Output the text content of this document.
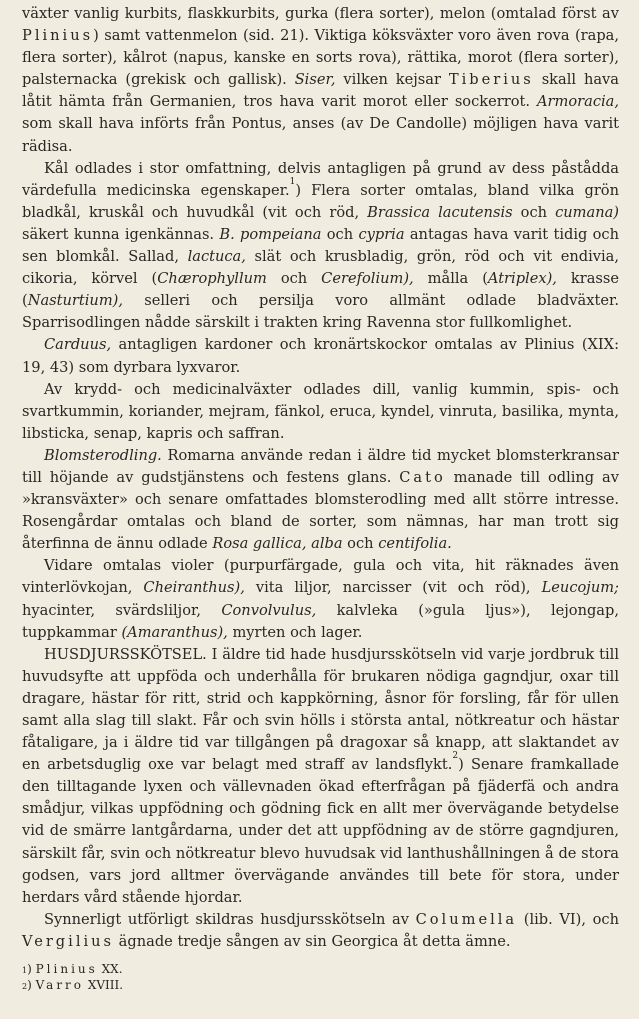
växter vanlig kurbits, flaskkurbits, gurka (flera sorter), melon (omtalad först av Plinius) samt vattenmelon (sid. 21). Viktiga köksväxter voro även rova (rapa, flera sorter), kålrot (napus, kanske en sorts rova), rättika, morot (flera sorter), palsternacka (grekisk och gallisk). Siser, vilken kejsar Tiberius skall hava låtit hämta från Germanien, tros hava varit morot eller sockerrot. Armoracia, som skall hava införts från Pontus, anses (av De Candolle) möjligen hava varit rädisa.

Kål odlades i stor omfattning, delvis antagligen på grund av dess påstådda värdefulla medicinska egenskaper.$^1$) Flera sorter omtalas, bland vilka grön bladkål, kruskål och huvudkål (vit och röd, Brassica lacutensis och cumana) säkert kunna igenkännas. B. pompeiana och cypria antagas hava varit tidig och sen blomkål. Sallad, lactuca, slät och krusbladig, grön, röd och vit endivia, cikoria, körvel (Chærophyllum och Cerefolium), målla (Atriplex), krasse (Nasturtium), selleri och persilja voro allmänt odlade bladväxter. Sparrisodlingen nådde särskilt i trakten kring Ravenna stor fullkomlighet.

Carduus, antagligen kardoner och kronärtskockor omtalas av Plinius (XIX: 19, 43) som dyrbara lyxvaror.

Av krydd- och medicinalväxter odlades dill, vanlig kummin, spis- och svartkummin, koriander, mejram, fänkol, eruca, kyndel, vinruta, basilika, mynta, libsticka, senap, kapris och saffran.

Blomsterodling. Romarna använde redan i äldre tid mycket blomsterkransar till höjande av gudstjänstens och festens glans. Cato manade till odling av »kransväxter» och senare omfattades blomsterodling med allt större intresse. Rosengårdar omtalas och bland de sorter, som nämnas, har man trott sig återfinna de ännu odlade Rosa gallica, alba och centifolia.

Vidare omtalas violer (purpurfärgade, gula och vita, hit räknades även vinterlövkojan, Cheiranthus), vita liljor, narcisser (vit och röd), Leucojum; hyacinter, svärdsliljor, Convolvulus, kalvleka (»gula ljus»), lejongap, tuppkammar (Amaranthus), myrten och lager.

HUSDJURSSKÖTSEL. I äldre tid hade husdjursskötseln vid varje jordbruk till huvudsyfte att uppföda och underhålla för brukaren nödiga gagndjur, oxar till dragare, hästar för ritt, strid och kappkörning, åsnor för forsling, får för ullen samt alla slag till slakt. Får och svin hölls i största antal, nötkreatur och hästar fåtaligare, ja i äldre tid var tillgången på dragoxar så knapp, att slaktandet av en arbetsduglig oxe var belagt med straff av landsflykt.$^2$) Senare framkallade den tilltagande lyxen och vällevnaden ökad efterfrågan på fjäderfä och andra smådjur, vilkas uppfödning och gödning fick en allt mer övervägande betydelse vid de smärre lantgårdarna, under det att uppfödning av de större gagndjuren, särskilt får, svin och nötkreatur blevo huvudsak vid lanthushållningen å de stora godsen, vars jord alltmer övervägande användes till bete för stora, under herdars vård stående hjordar.

Synnerligt utförligt skildras husdjursskötseln av Columella (lib. VI), och Vergilius ägnade tredje sången av sin Georgica åt detta ämne.

$^1$) Plinius XX.
$^2$) Varro XVIII.
